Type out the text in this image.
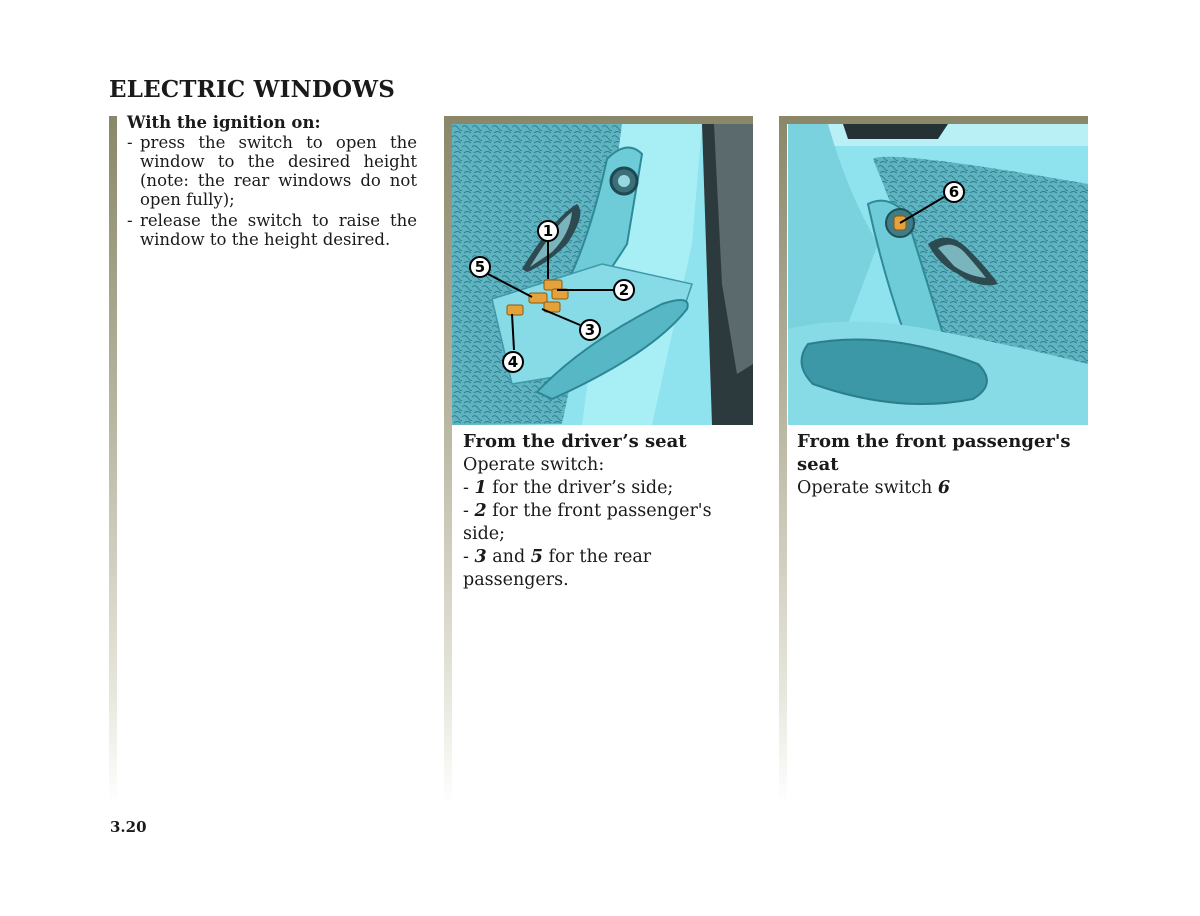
ELECTRIC WINDOWS
With the ignition on:
- press the switch to open the window to the desired height (note: the rear windows do not open fully);
- release the switch to raise the window to the height desired.	1
2
3
4
5
From the driver’s seat
Operate switch:
- 1 for the driver’s side;
- 2 for the front passenger's side;
- 3 and 5 for the rear passengers.
6
From the front passenger's seat
Operate switch 6
3.20
